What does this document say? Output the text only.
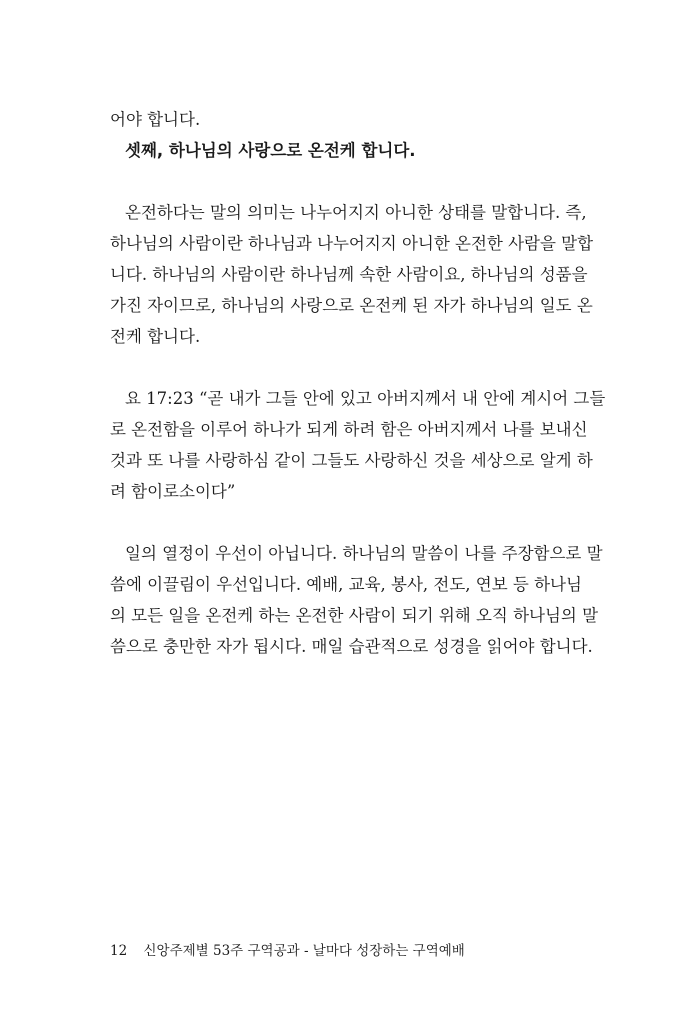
어야 합니다.
셋째, 하나님의 사랑으로 온전케 합니다.
온전하다는 말의 의미는 나누어지지 아니한 상태를 말합니다. 즉,
하나님의 사람이란 하나님과 나누어지지 아니한 온전한 사람을 말합
니다. 하나님의 사람이란 하나님께 속한 사람이요, 하나님의 성품을
가진 자이므로, 하나님의 사랑으로 온전케 된 자가 하나님의 일도 온
전케 합니다.
요 17:23 “곧 내가 그들 안에 있고 아버지께서 내 안에 계시어 그들
로 온전함을 이루어 하나가 되게 하려 함은 아버지께서 나를 보내신
것과 또 나를 사랑하심 같이 그들도 사랑하신 것을 세상으로 알게 하
려 함이로소이다”
일의 열정이 우선이 아닙니다. 하나님의 말씀이 나를 주장함으로 말
씀에 이끌림이 우선입니다. 예배, 교육, 봉사, 전도, 연보 등 하나님
의 모든 일을 온전케 하는 온전한 사람이 되기 위해 오직 하나님의 말
씀으로 충만한 자가 됩시다. 매일 습관적으로 성경을 읽어야 합니다.
12 신앙주제별 53주 구역공과 - 날마다 성장하는 구역예배
